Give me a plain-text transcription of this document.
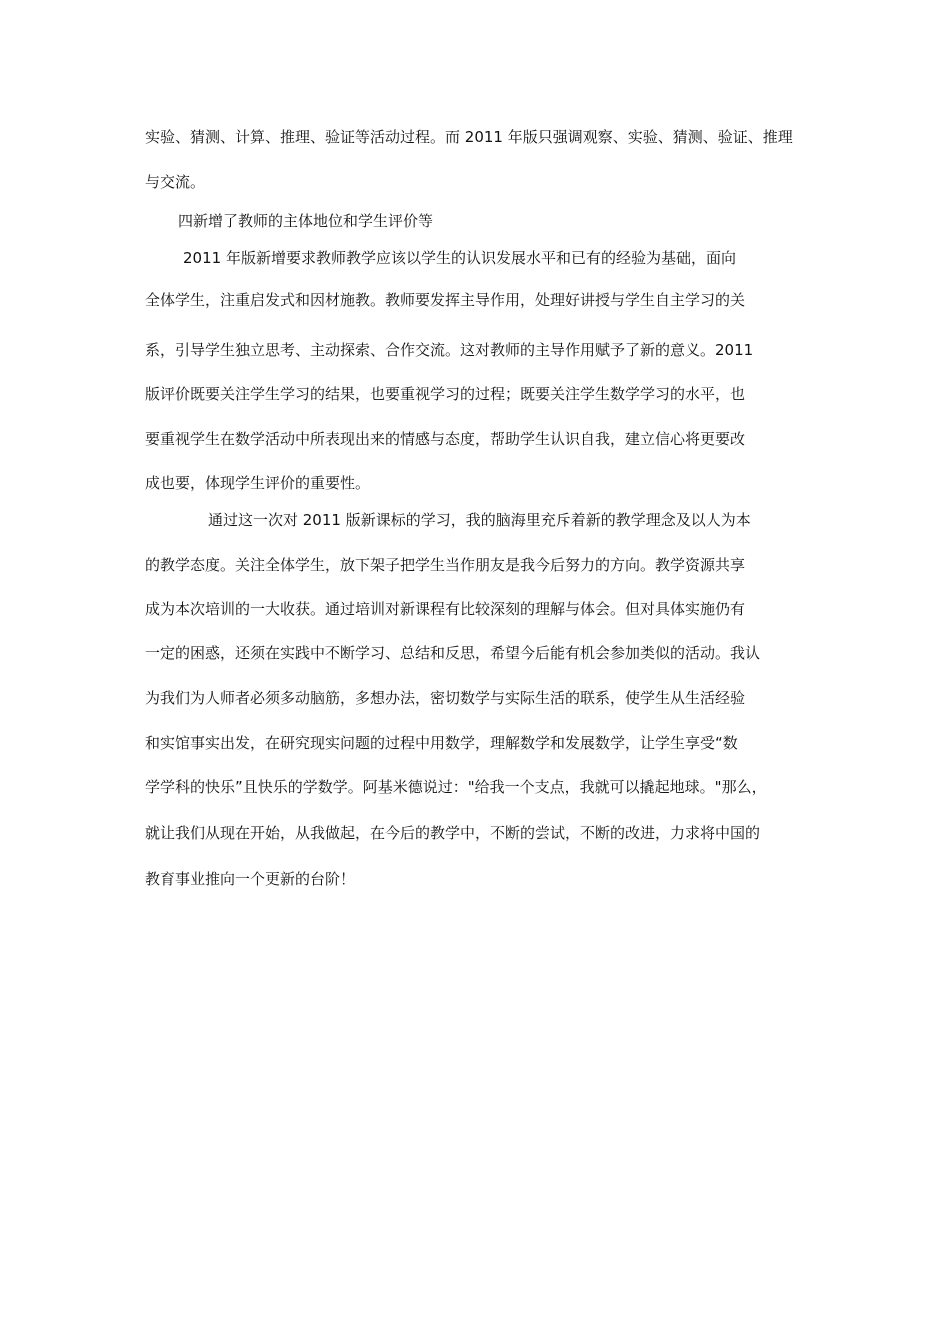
实验、猜测、计算、推理、验证等活动过程。而 2011 年版只强调观察、实验、猜测、验证、推理
与交流。
四新增了教师的主体地位和学生评价等
2011 年版新增要求教师教学应该以学生的认识发展水平和已有的经验为基础，面向
全体学生，注重启发式和因材施教。教师要发挥主导作用，处理好讲授与学生自主学习的关
系，引导学生独立思考、主动探索、合作交流。这对教师的主导作用赋予了新的意义。2011
版评价既要关注学生学习的结果，也要重视学习的过程；既要关注学生数学学习的水平，也
要重视学生在数学活动中所表现出来的情感与态度，帮助学生认识自我，建立信心将更要改
成也要，体现学生评价的重要性。
通过这一次对 2011 版新课标的学习，我的脑海里充斥着新的教学理念及以人为本
的教学态度。关注全体学生，放下架子把学生当作朋友是我今后努力的方向。教学资源共享
成为本次培训的一大收获。通过培训对新课程有比较深刻的理解与体会。但对具体实施仍有
一定的困惑，还须在实践中不断学习、总结和反思，希望今后能有机会参加类似的活动。我认
为我们为人师者必须多动脑筋，多想办法，密切数学与实际生活的联系，使学生从生活经验
和实馆事实出发，在研究现实问题的过程中用数学，理解数学和发展数学，让学生享受“数
学学科的快乐”且快乐的学数学。阿基米德说过："给我一个支点，我就可以撬起地球。"那么，
就让我们从现在开始，从我做起，在今后的教学中，不断的尝试，不断的改进，力求将中国的
教育事业推向一个更新的台阶！
